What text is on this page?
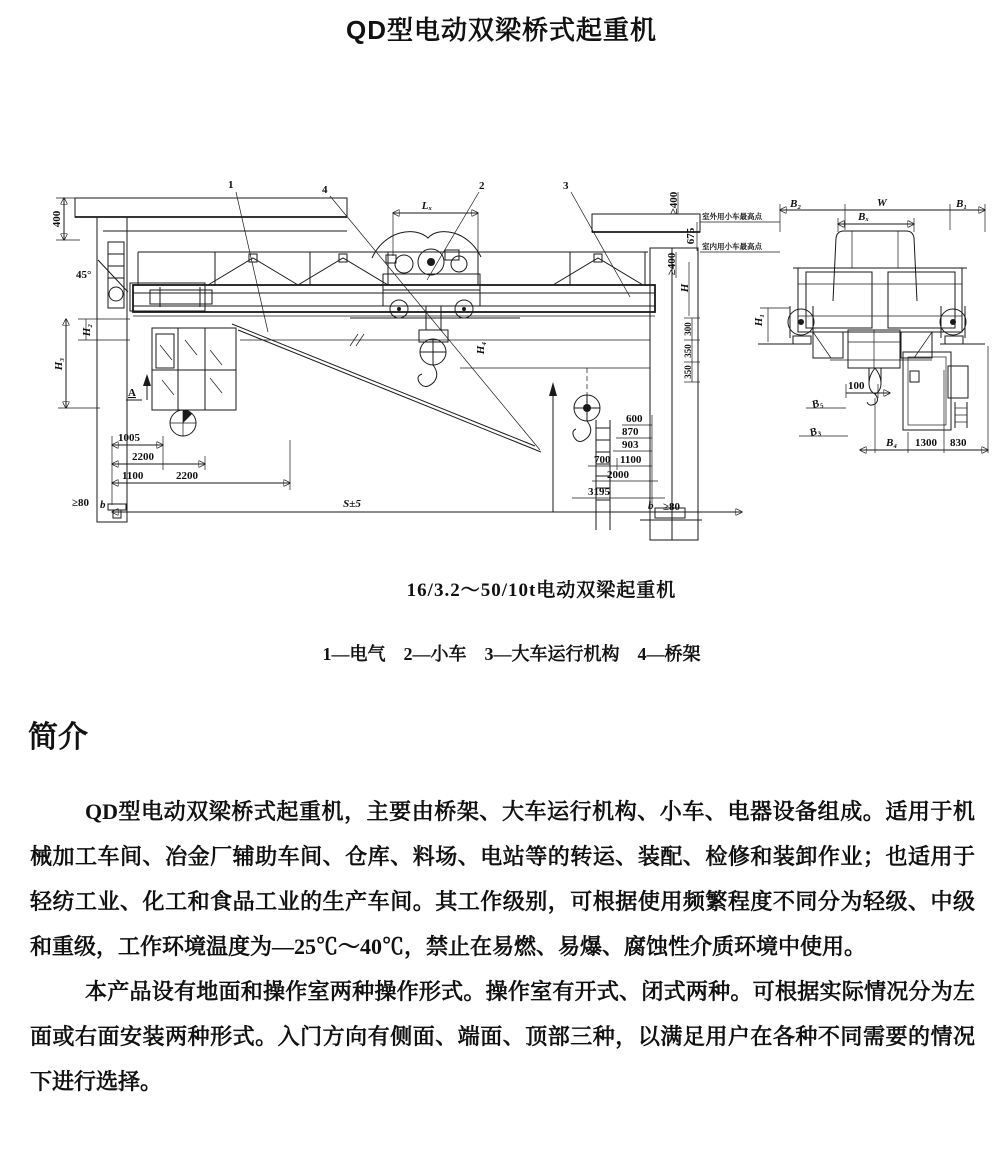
QD型电动双梁桥式起重机
400
45°
H₂
H₃
A
1005
2200
1100	2200
≥80 b
1	4
Lₓ
2	3
H₄
S±5
≥400
675
室外用小车最高点
室内用小车最高点
≥400
H
300
350
350
600
870
903
700 1100
2000
3195
b ≥80
B₂	W	B₁
Bₓ
H₁
100
B₅
B₃
B₄ 1300 830
16/3.2～50/10t电动双梁起重机
1—电气　2—小车　3—大车运行机构　4—桥架
简介

QD型电动双梁桥式起重机，主要由桥架、大车运行机构、小车、电器设备组成。适用于机械加工车间、冶金厂辅助车间、仓库、料场、电站等的转运、装配、检修和装卸作业；也适用于轻纺工业、化工和食品工业的生产车间。其工作级别，可根据使用频繁程度不同分为轻级、中级和重级，工作环境温度为—25℃～40℃，禁止在易燃、易爆、腐蚀性介质环境中使用。

本产品设有地面和操作室两种操作形式。操作室有开式、闭式两种。可根据实际情况分为左面或右面安装两种形式。入门方向有侧面、端面、顶部三种，以满足用户在各种不同需要的情况下进行选择。
